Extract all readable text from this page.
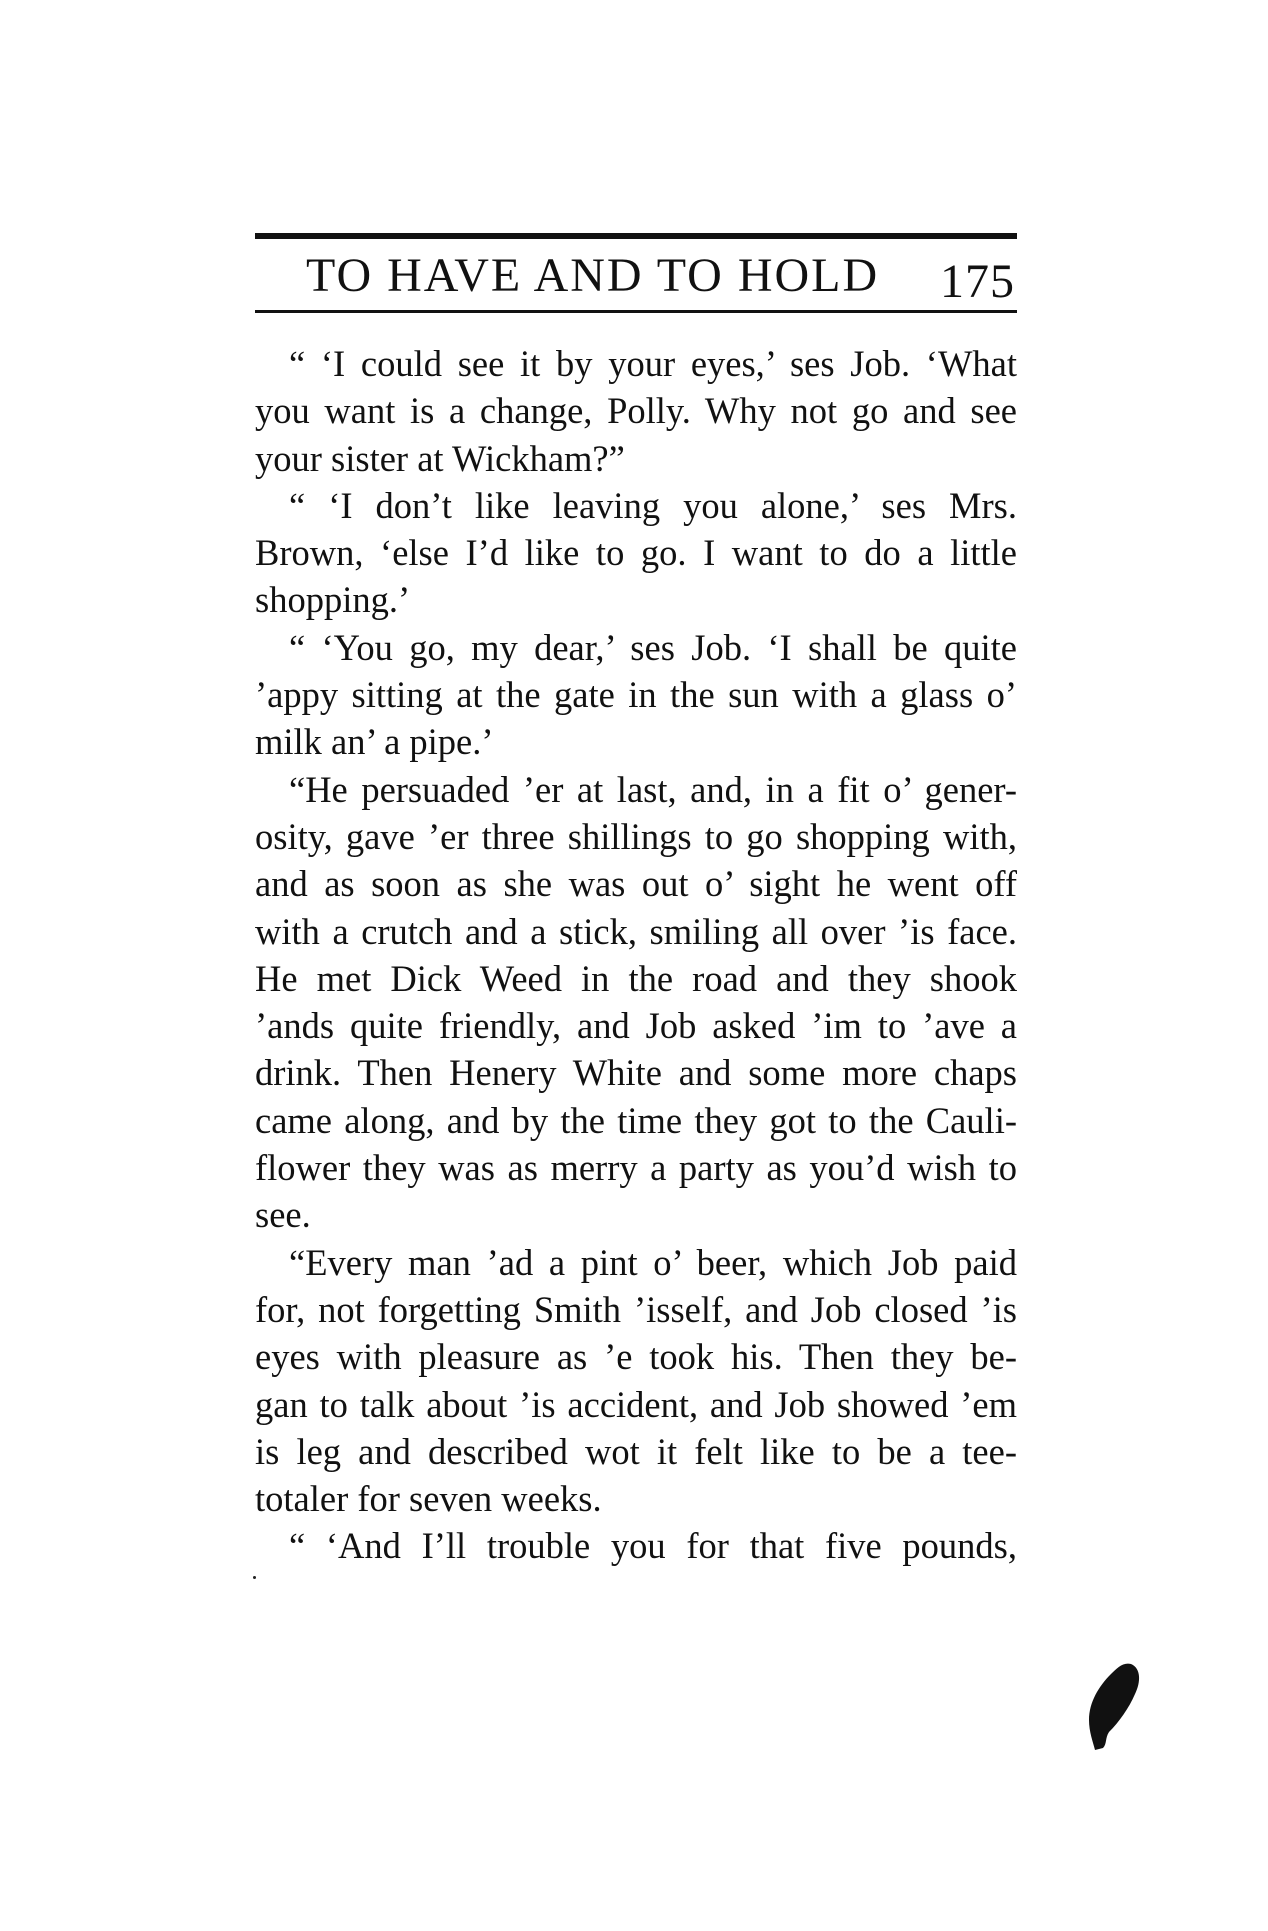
TO HAVE AND TO HOLD 175
“ ‘I could see it by your eyes,’ ses Job. ‘What
you want is a change, Polly. Why not go and see
your sister at Wickham?”
“ ‘I don’t like leaving you alone,’ ses Mrs.
Brown, ‘else I’d like to go. I want to do a little
shopping.’
“ ‘You go, my dear,’ ses Job. ‘I shall be quite
’appy sitting at the gate in the sun with a glass o’
milk an’ a pipe.’
“He persuaded ’er at last, and, in a fit o’ gener-
osity, gave ’er three shillings to go shopping with,
and as soon as she was out o’ sight he went off
with a crutch and a stick, smiling all over ’is face.
He met Dick Weed in the road and they shook
’ands quite friendly, and Job asked ’im to ’ave a
drink. Then Henery White and some more chaps
came along, and by the time they got to the Cauli-
flower they was as merry a party as you’d wish to
see.
“Every man ’ad a pint o’ beer, which Job paid
for, not forgetting Smith ’isself, and Job closed ’is
eyes with pleasure as ’e took his. Then they be-
gan to talk about ’is accident, and Job showed ’em
is leg and described wot it felt like to be a tee-
totaler for seven weeks.
“ ‘And I’ll trouble you for that five pounds,
